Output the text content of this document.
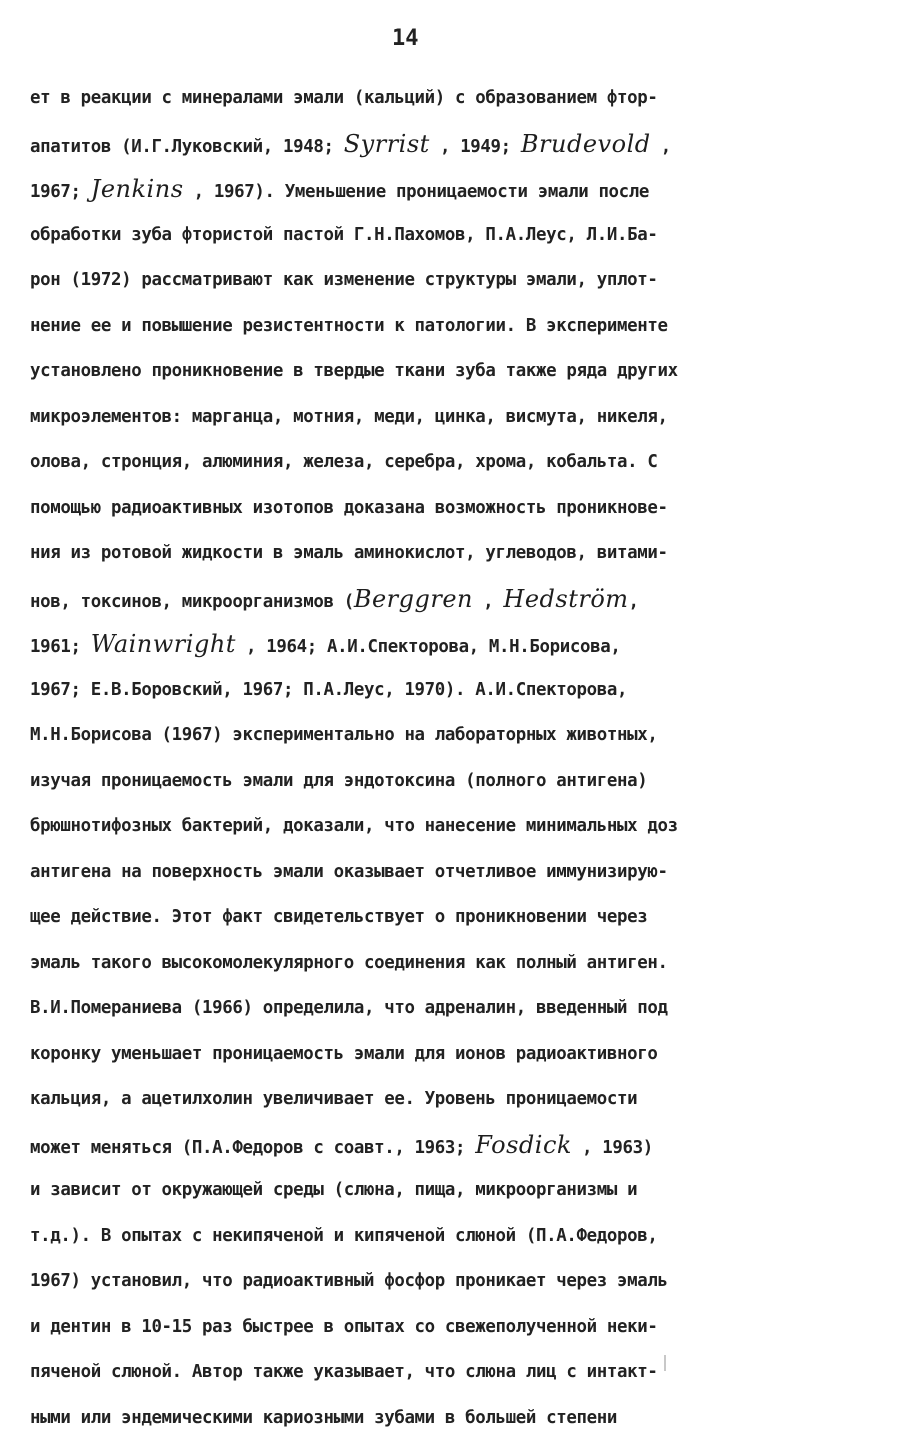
14
ет в реакции с минералами эмали (кальций) с образованием фтор-
апатитов (И.Г.Луковский, 1948; Syrrist , 1949; Brudevold ,
1967; Jenkins , 1967). Уменьшение проницаемости эмали после
обработки зуба фтористой пастой Г.Н.Пахомов, П.А.Леус, Л.И.Ба-
рон (1972) рассматривают как изменение структуры эмали, уплот-
нение ее и повышение резистентности к патологии. В эксперименте
установлено проникновение в твердые ткани зуба также ряда других
микроэлементов: марганца, мотния, меди, цинка, висмута, никеля,
олова, стронция, алюминия, железа, серебра, хрома, кобальта. С
помощью радиоактивных изотопов доказана возможность проникнове-
ния из ротовой жидкости в эмаль аминокислот, углеводов, витами-
нов, токсинов, микроорганизмов (Berggren , Hedström,
1961; Wainwright , 1964; А.И.Спекторова, М.Н.Борисова,
1967; Е.В.Боровский, 1967; П.А.Леус, 1970). А.И.Спекторова,
М.Н.Борисова (1967) экспериментально на лабораторных животных,
изучая проницаемость эмали для эндотоксина (полного антигена)
брюшнотифозных бактерий, доказали, что нанесение минимальных доз
антигена на поверхность эмали оказывает отчетливое иммунизирую-
щее действие. Этот факт свидетельствует о проникновении через
эмаль такого высокомолекулярного соединения как полный антиген.
В.И.Помераниева (1966) определила, что адреналин, введенный под
коронку уменьшает проницаемость эмали для ионов радиоактивного
кальция, а ацетилхолин увеличивает ее. Уровень проницаемости
может меняться (П.А.Федоров с соавт., 1963; Fosdick , 1963)
и зависит от окружающей среды (слюна, пища, микроорганизмы и
т.д.). В опытах с некипяченой и кипяченой слюной (П.А.Федоров,
1967) установил, что радиоактивный фосфор проникает через эмаль
и дентин в 10-15 раз быстрее в опытах со свежеполученной неки-
пяченой слюной. Автор также указывает, что слюна лиц с интакт-
ными или эндемическими кариозными зубами в большей степени
